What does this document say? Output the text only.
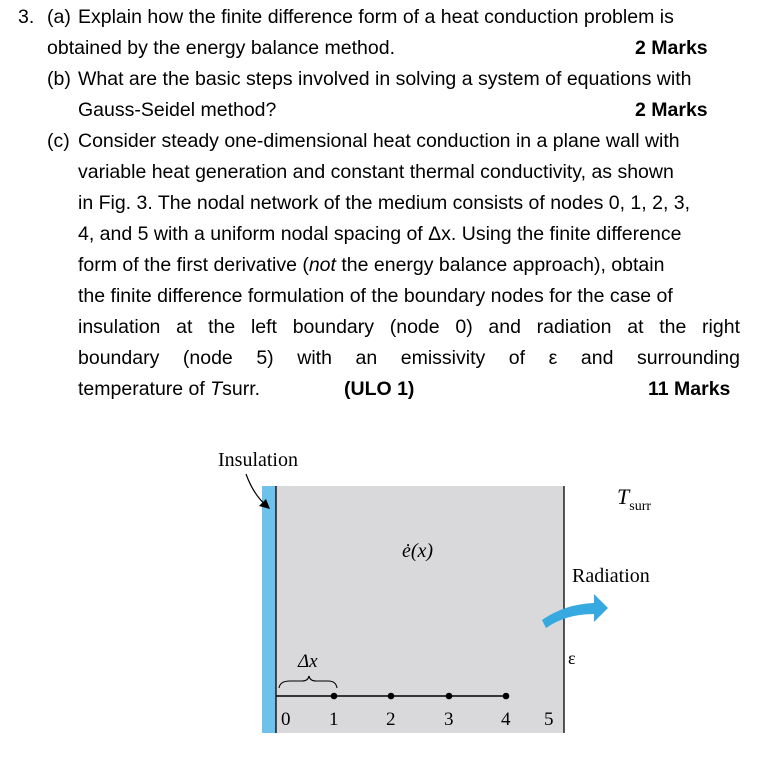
3. (a) Explain how the finite difference form of a heat conduction problem is
obtained by the energy balance method.	2 Marks
(b) What are the basic steps involved in solving a system of equations with
Gauss-Seidel method?	2 Marks
(c) Consider steady one-dimensional heat conduction in a plane wall with
variable heat generation and constant thermal conductivity, as shown
in Fig. 3. The nodal network of the medium consists of nodes 0, 1, 2, 3,
4, and 5 with a uniform nodal spacing of Δx. Using the finite difference
form of the first derivative (not the energy balance approach), obtain
the finite difference formulation of the boundary nodes for the case of
insulation at the left boundary (node 0) and radiation at the right
boundary (node 5) with an emissivity of ε and surrounding
temperature of Tsurr.	(ULO 1)	11 Marks
Insulation
$T_{surr}$
ė(x)
Radiation
ε
Δx
0 1	2	3	4 5
